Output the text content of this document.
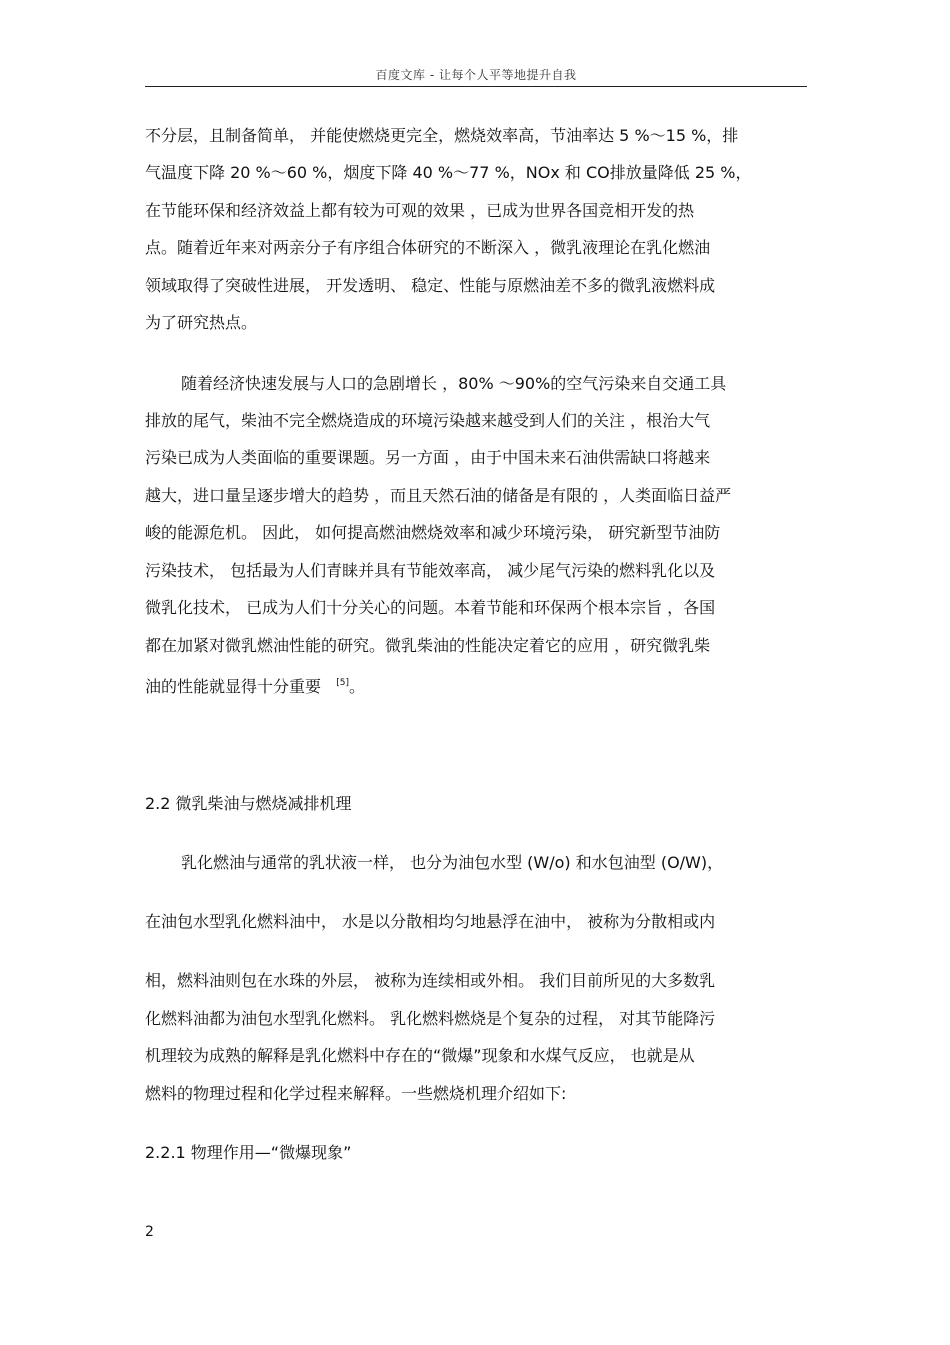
百度文库 - 让每个人平等地提升自我
不分层，且制备简单， 并能使燃烧更完全，燃烧效率高，节油率达 5 %～15 %，排
气温度下降 20 %～60 %，烟度下降 40 %～77 %，NOx 和 CO排放量降低 25 %，
在节能环保和经济效益上都有较为可观的效果 ，已成为世界各国竞相开发的热
点。随着近年来对两亲分子有序组合体研究的不断深入 ，微乳液理论在乳化燃油
领域取得了突破性进展， 开发透明、 稳定、性能与原燃油差不多的微乳液燃料成
为了研究热点。
随着经济快速发展与人口的急剧增长 ，80% ～90%的空气污染来自交通工具
排放的尾气，柴油不完全燃烧造成的环境污染越来越受到人们的关注 ，根治大气
污染已成为人类面临的重要课题。另一方面 ，由于中国未来石油供需缺口将越来
越大，进口量呈逐步增大的趋势 ，而且天然石油的储备是有限的 ，人类面临日益严
峻的能源危机。 因此， 如何提高燃油燃烧效率和减少环境污染， 研究新型节油防
污染技术， 包括最为人们青睐并具有节能效率高， 减少尾气污染的燃料乳化以及
微乳化技术， 已成为人们十分关心的问题。本着节能和环保两个根本宗旨 ，各国
都在加紧对微乳燃油性能的研究。微乳柴油的性能决定着它的应用 ，研究微乳柴
油的性能就显得十分重要 [5]。
2.2 微乳柴油与燃烧减排机理
乳化燃油与通常的乳状液一样， 也分为油包水型 (W/o) 和水包油型 (O/W)，
在油包水型乳化燃料油中， 水是以分散相均匀地悬浮在油中， 被称为分散相或内
相，燃料油则包在水珠的外层， 被称为连续相或外相。 我们目前所见的大多数乳
化燃料油都为油包水型乳化燃料。 乳化燃料燃烧是个复杂的过程， 对其节能降污
机理较为成熟的解释是乳化燃料中存在的“微爆”现象和水煤气反应， 也就是从
燃料的物理过程和化学过程来解释。一些燃烧机理介绍如下:
2.2.1 物理作用—“微爆现象”
2
